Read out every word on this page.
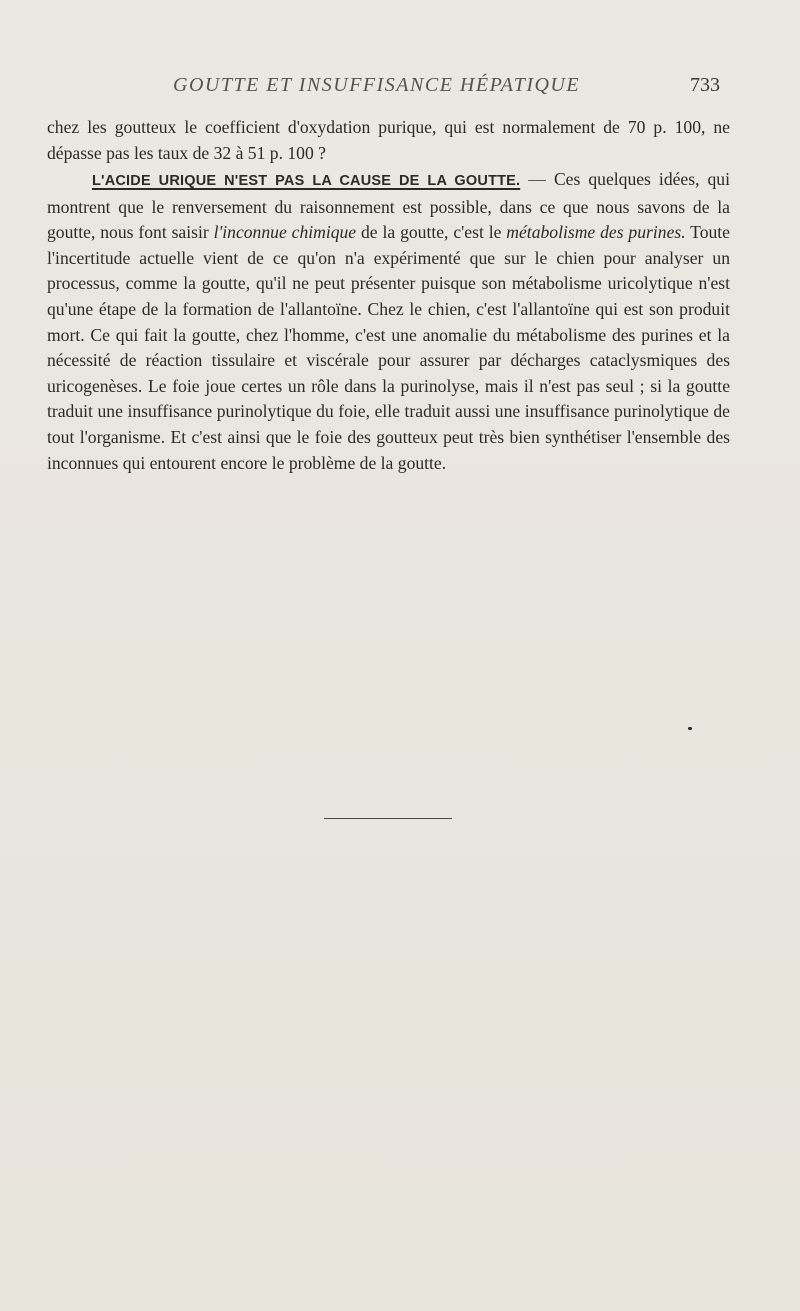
GOUTTE ET INSUFFISANCE HÉPATIQUE	733

chez les goutteux le coefficient d'oxydation purique, qui est normalement de 70 p. 100, ne dépasse pas les taux de 32 à 51 p. 100 ?

L'ACIDE URIQUE N'EST PAS LA CAUSE DE LA GOUTTE. — Ces quelques idées, qui montrent que le renversement du raisonnement est possible, dans ce que nous savons de la goutte, nous font saisir l'inconnue chimique de la goutte, c'est le métabolisme des purines. Toute l'incertitude actuelle vient de ce qu'on n'a expérimenté que sur le chien pour analyser un processus, comme la goutte, qu'il ne peut présenter puisque son métabolisme uricolytique n'est qu'une étape de la formation de l'allantoïne. Chez le chien, c'est l'allantoïne qui est son produit mort. Ce qui fait la goutte, chez l'homme, c'est une anomalie du métabolisme des purines et la nécessité de réaction tissulaire et viscérale pour assurer par décharges cataclysmiques des uricogenèses. Le foie joue certes un rôle dans la purinolyse, mais il n'est pas seul ; si la goutte traduit une insuffisance purinolytique du foie, elle traduit aussi une insuffisance purinolytique de tout l'organisme. Et c'est ainsi que le foie des goutteux peut très bien synthétiser l'ensemble des inconnues qui entourent encore le problème de la goutte.
